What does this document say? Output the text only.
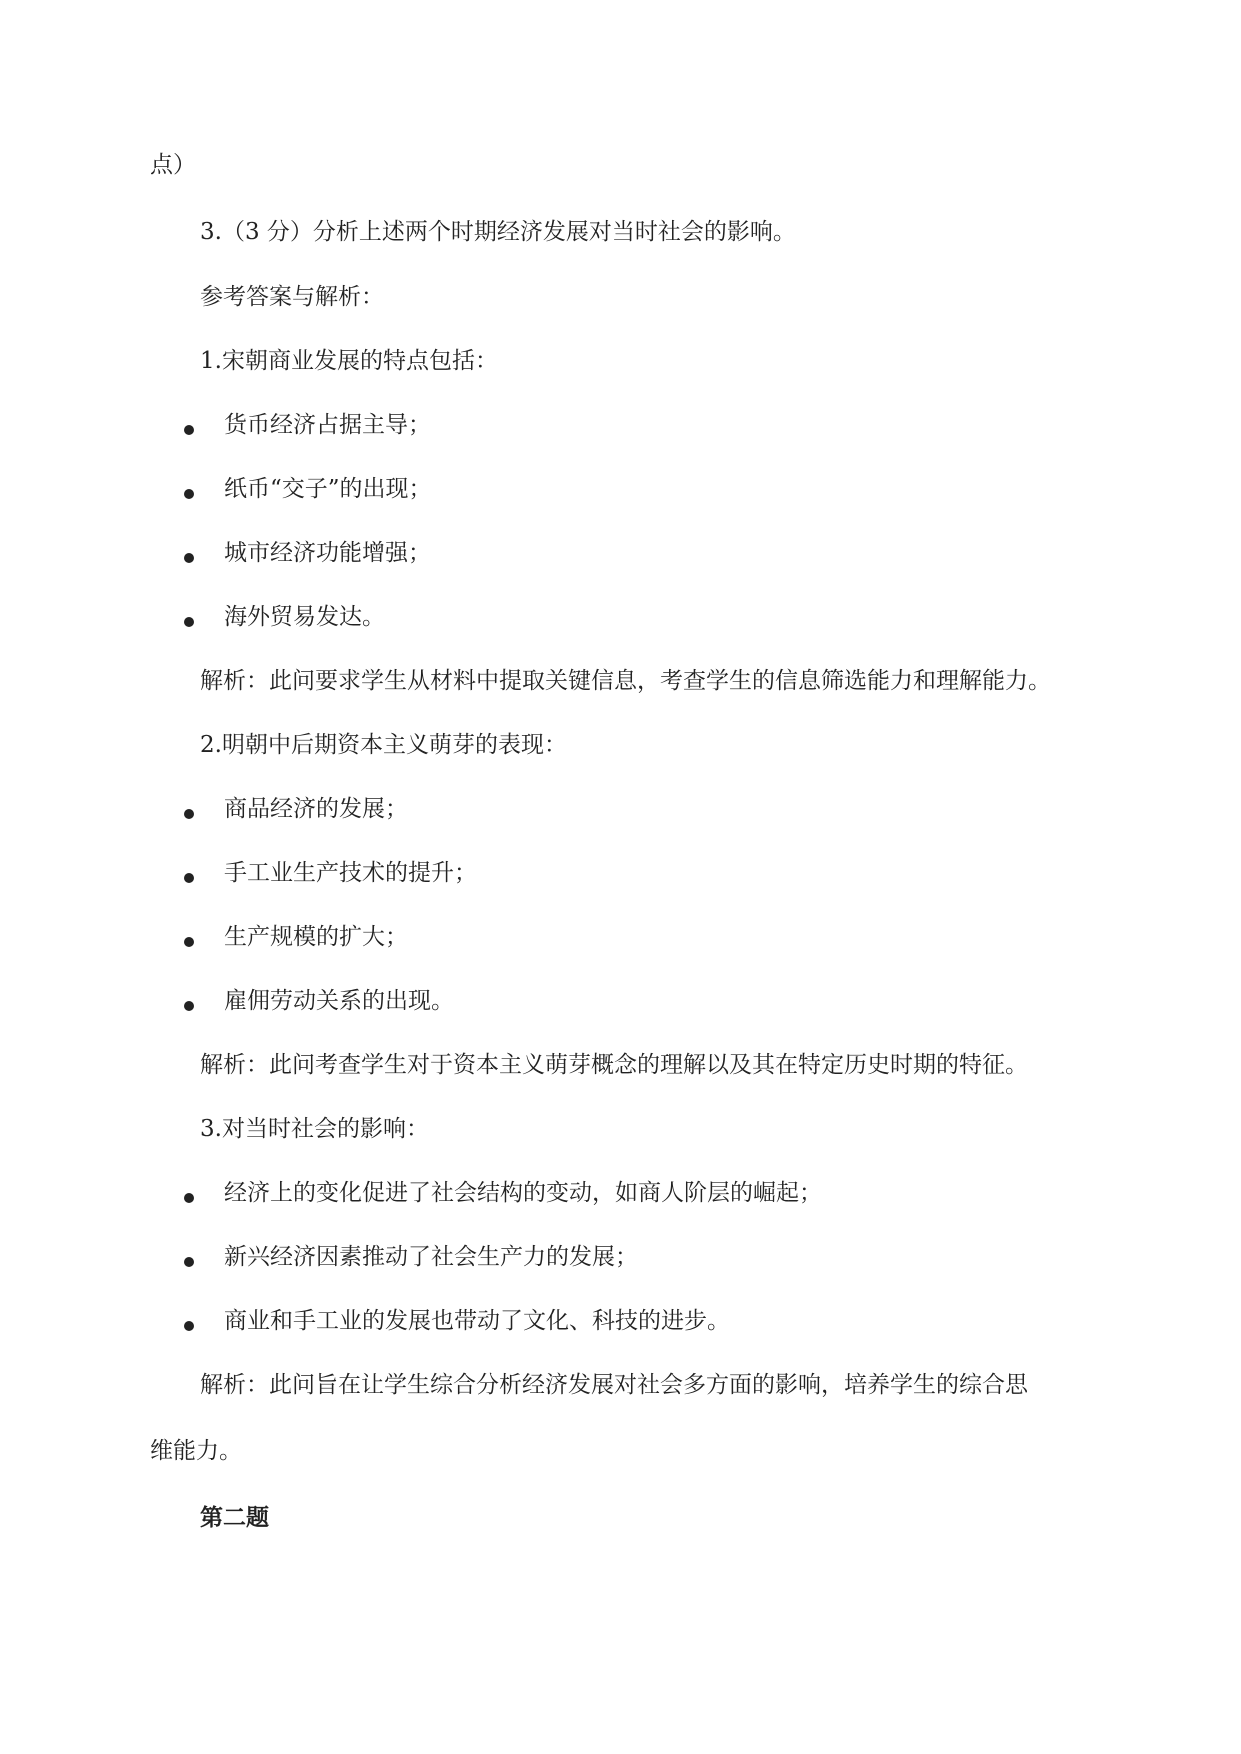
点）
3.（3 分）分析上述两个时期经济发展对当时社会的影响。
参考答案与解析：
1.宋朝商业发展的特点包括：
货币经济占据主导；
纸币“交子”的出现；
城市经济功能增强；
海外贸易发达。
解析：此问要求学生从材料中提取关键信息，考查学生的信息筛选能力和理解能力。
2.明朝中后期资本主义萌芽的表现：
商品经济的发展；
手工业生产技术的提升；
生产规模的扩大；
雇佣劳动关系的出现。
解析：此问考查学生对于资本主义萌芽概念的理解以及其在特定历史时期的特征。
3.对当时社会的影响：
经济上的变化促进了社会结构的变动，如商人阶层的崛起；
新兴经济因素推动了社会生产力的发展；
商业和手工业的发展也带动了文化、科技的进步。
解析：此问旨在让学生综合分析经济发展对社会多方面的影响，培养学生的综合思
维能力。
第二题
